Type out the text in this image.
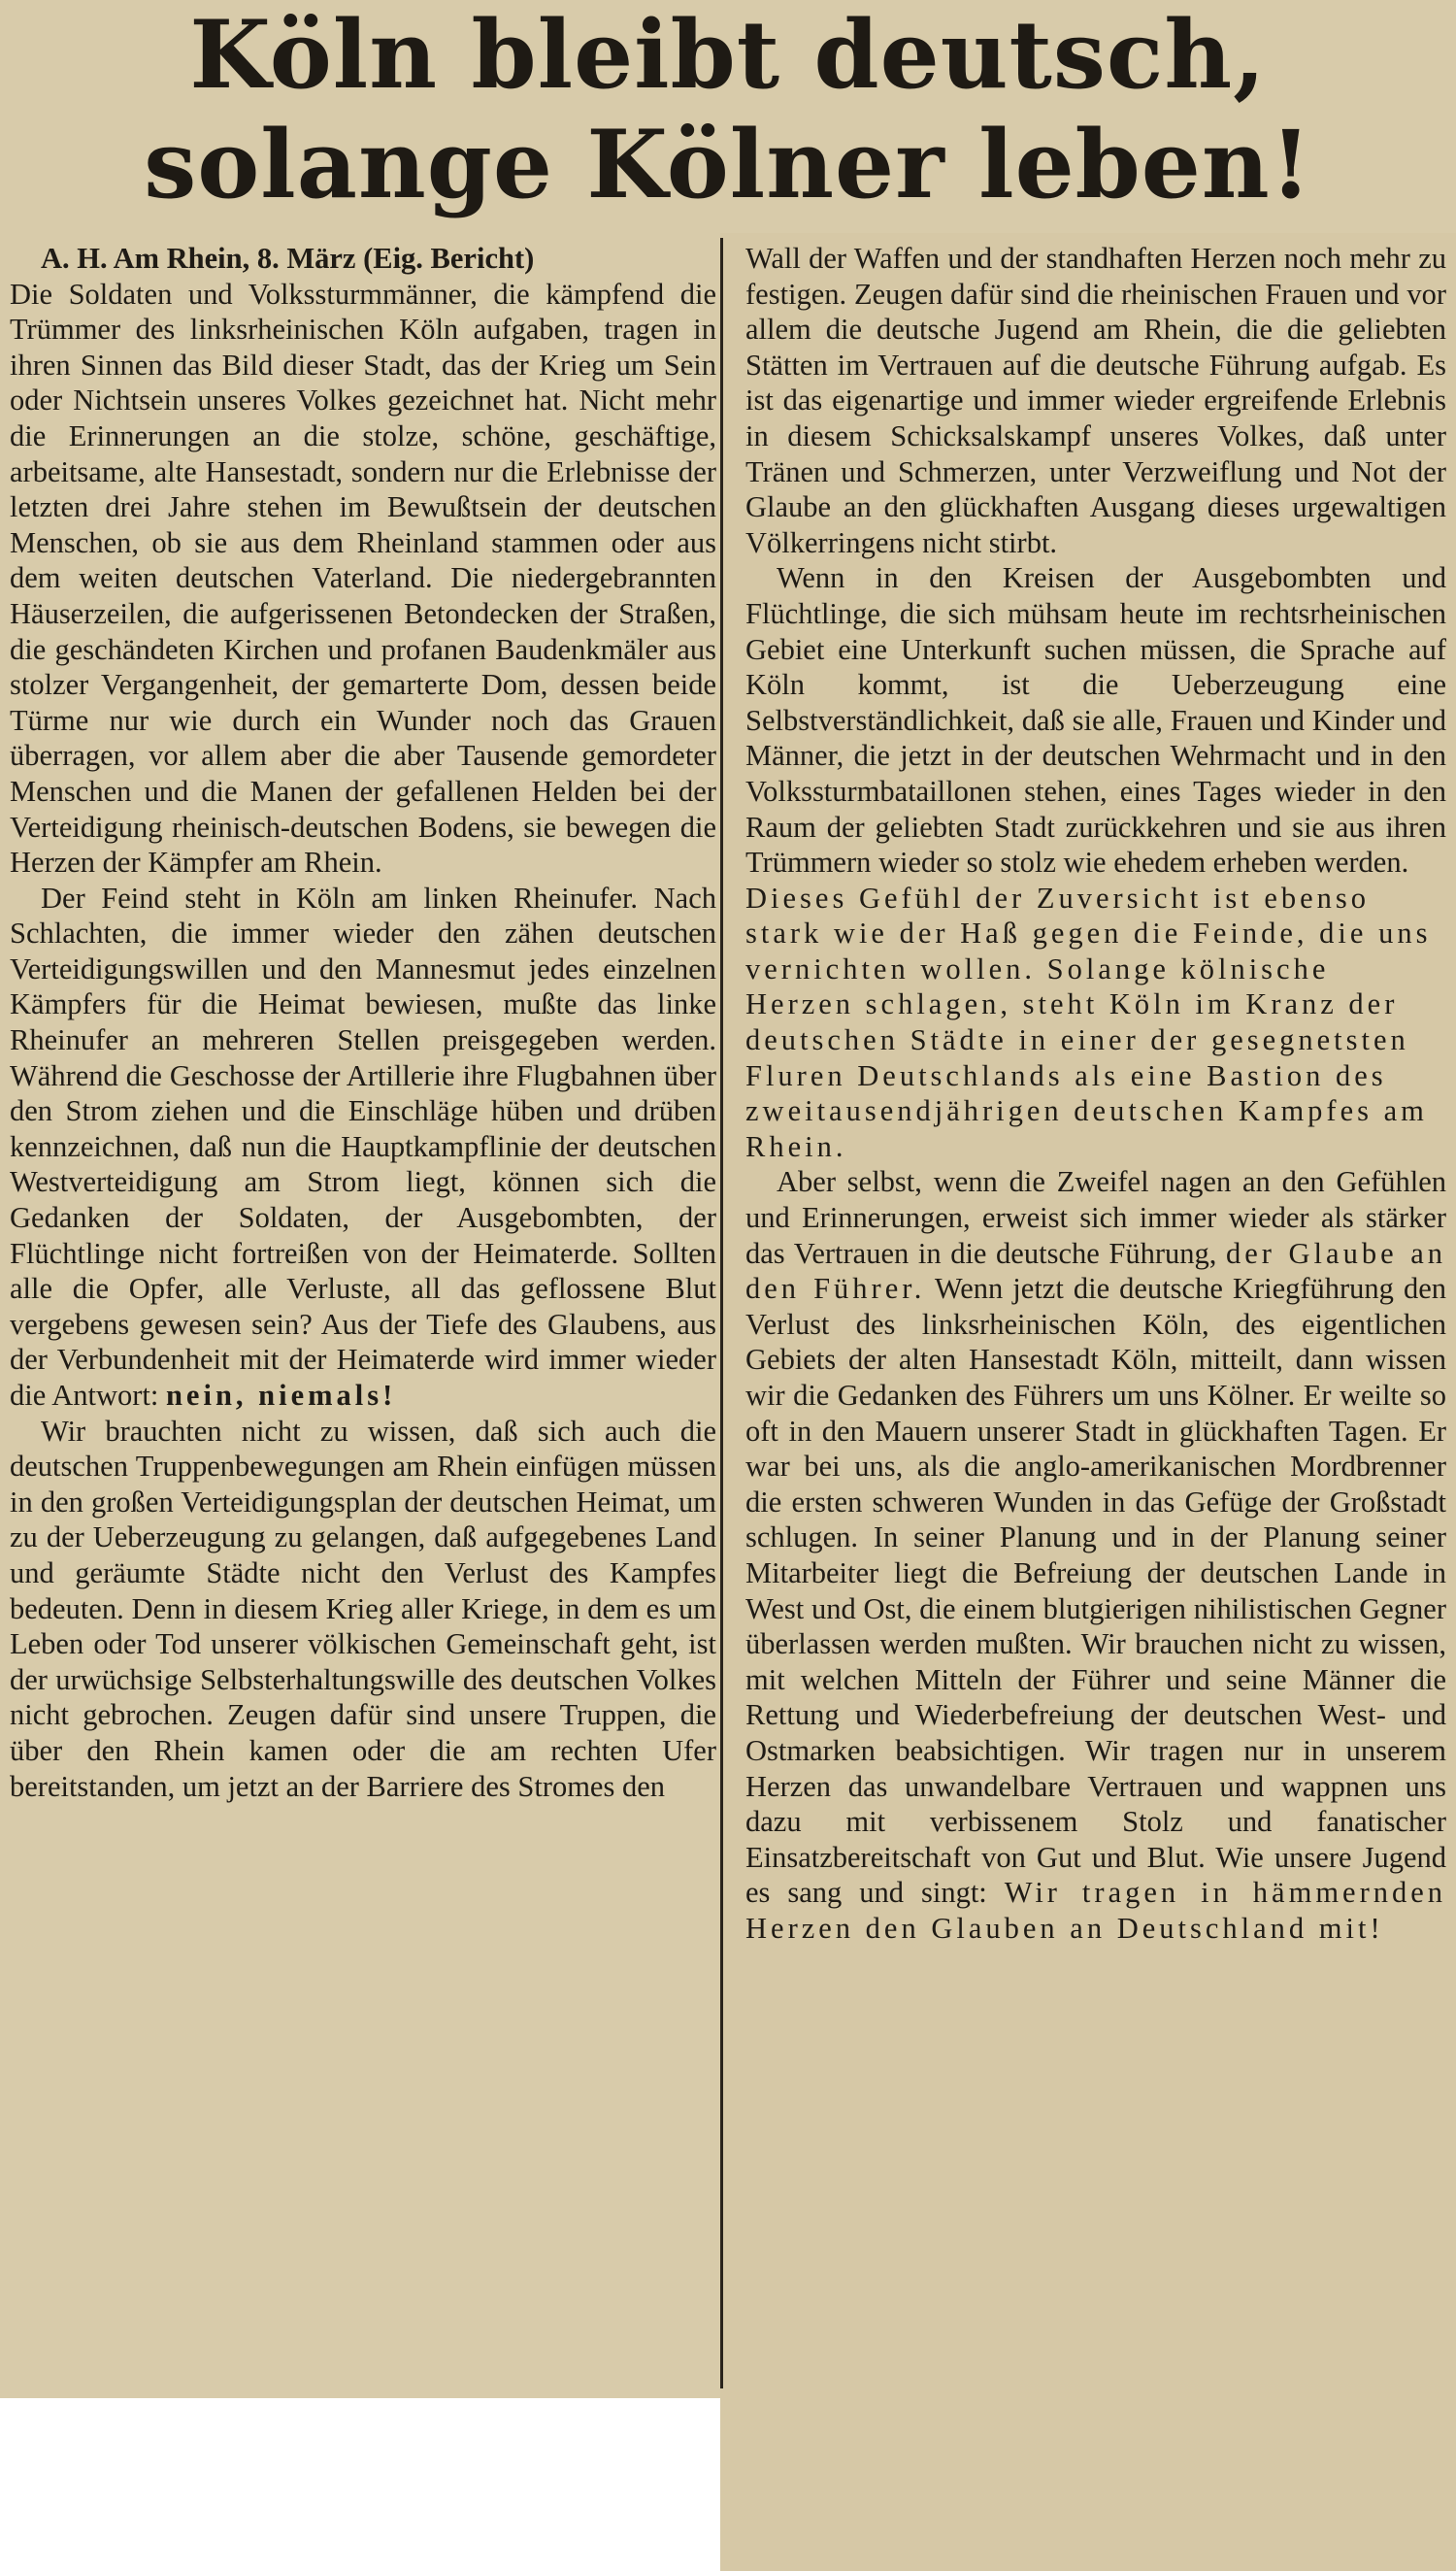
Köln bleibt deutsch,
solange Kölner leben!

A. H. Am Rhein, 8. März (Eig. Bericht)

Die Soldaten und Volkssturmmänner, die kämpfend die Trümmer des linksrheinischen Köln aufgaben, tragen in ihren Sinnen das Bild dieser Stadt, das der Krieg um Sein oder Nichtsein unseres Volkes gezeichnet hat. Nicht mehr die Erinnerungen an die stolze, schöne, geschäftige, arbeitsame, alte Hansestadt, sondern nur die Erlebnisse der letzten drei Jahre stehen im Bewußtsein der deutschen Menschen, ob sie aus dem Rheinland stammen oder aus dem weiten deutschen Vaterland. Die niedergebrannten Häuserzeilen, die aufgerissenen Betondecken der Straßen, die geschändeten Kirchen und profanen Baudenkmäler aus stolzer Vergangenheit, der gemarterte Dom, dessen beide Türme nur wie durch ein Wunder noch das Grauen überragen, vor allem aber die aber Tausende gemordeter Menschen und die Manen der gefallenen Helden bei der Verteidigung rheinisch-deutschen Bodens, sie bewegen die Herzen der Kämpfer am Rhein.

Der Feind steht in Köln am linken Rheinufer. Nach Schlachten, die immer wieder den zähen deutschen Verteidigungswillen und den Mannesmut jedes einzelnen Kämpfers für die Heimat bewiesen, mußte das linke Rheinufer an mehreren Stellen preisgegeben werden. Während die Geschosse der Artillerie ihre Flugbahnen über den Strom ziehen und die Einschläge hüben und drüben kennzeichnen, daß nun die Hauptkampflinie der deutschen Westverteidigung am Strom liegt, können sich die Gedanken der Soldaten, der Ausgebombten, der Flüchtlinge nicht fortreißen von der Heimaterde. Sollten alle die Opfer, alle Verluste, all das geflossene Blut vergebens gewesen sein? Aus der Tiefe des Glaubens, aus der Verbundenheit mit der Heimaterde wird immer wieder die Antwort: nein, niemals!

Wir brauchten nicht zu wissen, daß sich auch die deutschen Truppenbewegungen am Rhein einfügen müssen in den großen Verteidigungsplan der deutschen Heimat, um zu der Ueberzeugung zu gelangen, daß aufgegebenes Land und geräumte Städte nicht den Verlust des Kampfes bedeuten. Denn in diesem Krieg aller Kriege, in dem es um Leben oder Tod unserer völkischen Gemeinschaft geht, ist der urwüchsige Selbsterhaltungswille des deutschen Volkes nicht gebrochen. Zeugen dafür sind unsere Truppen, die über den Rhein kamen oder die am rechten Ufer bereitstanden, um jetzt an der Barriere des Stromes den

Wall der Waffen und der standhaften Herzen noch mehr zu festigen. Zeugen dafür sind die rheinischen Frauen und vor allem die deutsche Jugend am Rhein, die die geliebten Stätten im Vertrauen auf die deutsche Führung aufgab. Es ist das eigenartige und immer wieder ergreifende Erlebnis in diesem Schicksalskampf unseres Volkes, daß unter Tränen und Schmerzen, unter Verzweiflung und Not der Glaube an den glückhaften Ausgang dieses urgewaltigen Völkerringens nicht stirbt.

Wenn in den Kreisen der Ausgebombten und Flüchtlinge, die sich mühsam heute im rechtsrheinischen Gebiet eine Unterkunft suchen müssen, die Sprache auf Köln kommt, ist die Ueberzeugung eine Selbstverständlichkeit, daß sie alle, Frauen und Kinder und Männer, die jetzt in der deutschen Wehrmacht und in den Volkssturmbataillonen stehen, eines Tages wieder in den Raum der geliebten Stadt zurückkehren und sie aus ihren Trümmern wieder so stolz wie ehedem erheben werden.

Dieses Gefühl der Zuversicht ist ebenso stark wie der Haß gegen die Feinde, die uns vernichten wollen. Solange kölnische Herzen schlagen, steht Köln im Kranz der deutschen Städte in einer der gesegnetsten Fluren Deutschlands als eine Bastion des zweitausendjährigen deutschen Kampfes am Rhein.

Aber selbst, wenn die Zweifel nagen an den Gefühlen und Erinnerungen, erweist sich immer wieder als stärker das Vertrauen in die deutsche Führung, der Glaube an den Führer. Wenn jetzt die deutsche Kriegführung den Verlust des linksrheinischen Köln, des eigentlichen Gebiets der alten Hansestadt Köln, mitteilt, dann wissen wir die Gedanken des Führers um uns Kölner. Er weilte so oft in den Mauern unserer Stadt in glückhaften Tagen. Er war bei uns, als die anglo-amerikanischen Mordbrenner die ersten schweren Wunden in das Gefüge der Großstadt schlugen. In seiner Planung und in der Planung seiner Mitarbeiter liegt die Befreiung der deutschen Lande in West und Ost, die einem blutgierigen nihilistischen Gegner überlassen werden mußten. Wir brauchen nicht zu wissen, mit welchen Mitteln der Führer und seine Männer die Rettung und Wiederbefreiung der deutschen West- und Ostmarken beabsichtigen. Wir tragen nur in unserem Herzen das unwandelbare Vertrauen und wappnen uns dazu mit verbissenem Stolz und fanatischer Einsatzbereitschaft von Gut und Blut. Wie unsere Jugend es sang und singt: Wir tragen in hämmernden Herzen den Glauben an Deutschland mit!
